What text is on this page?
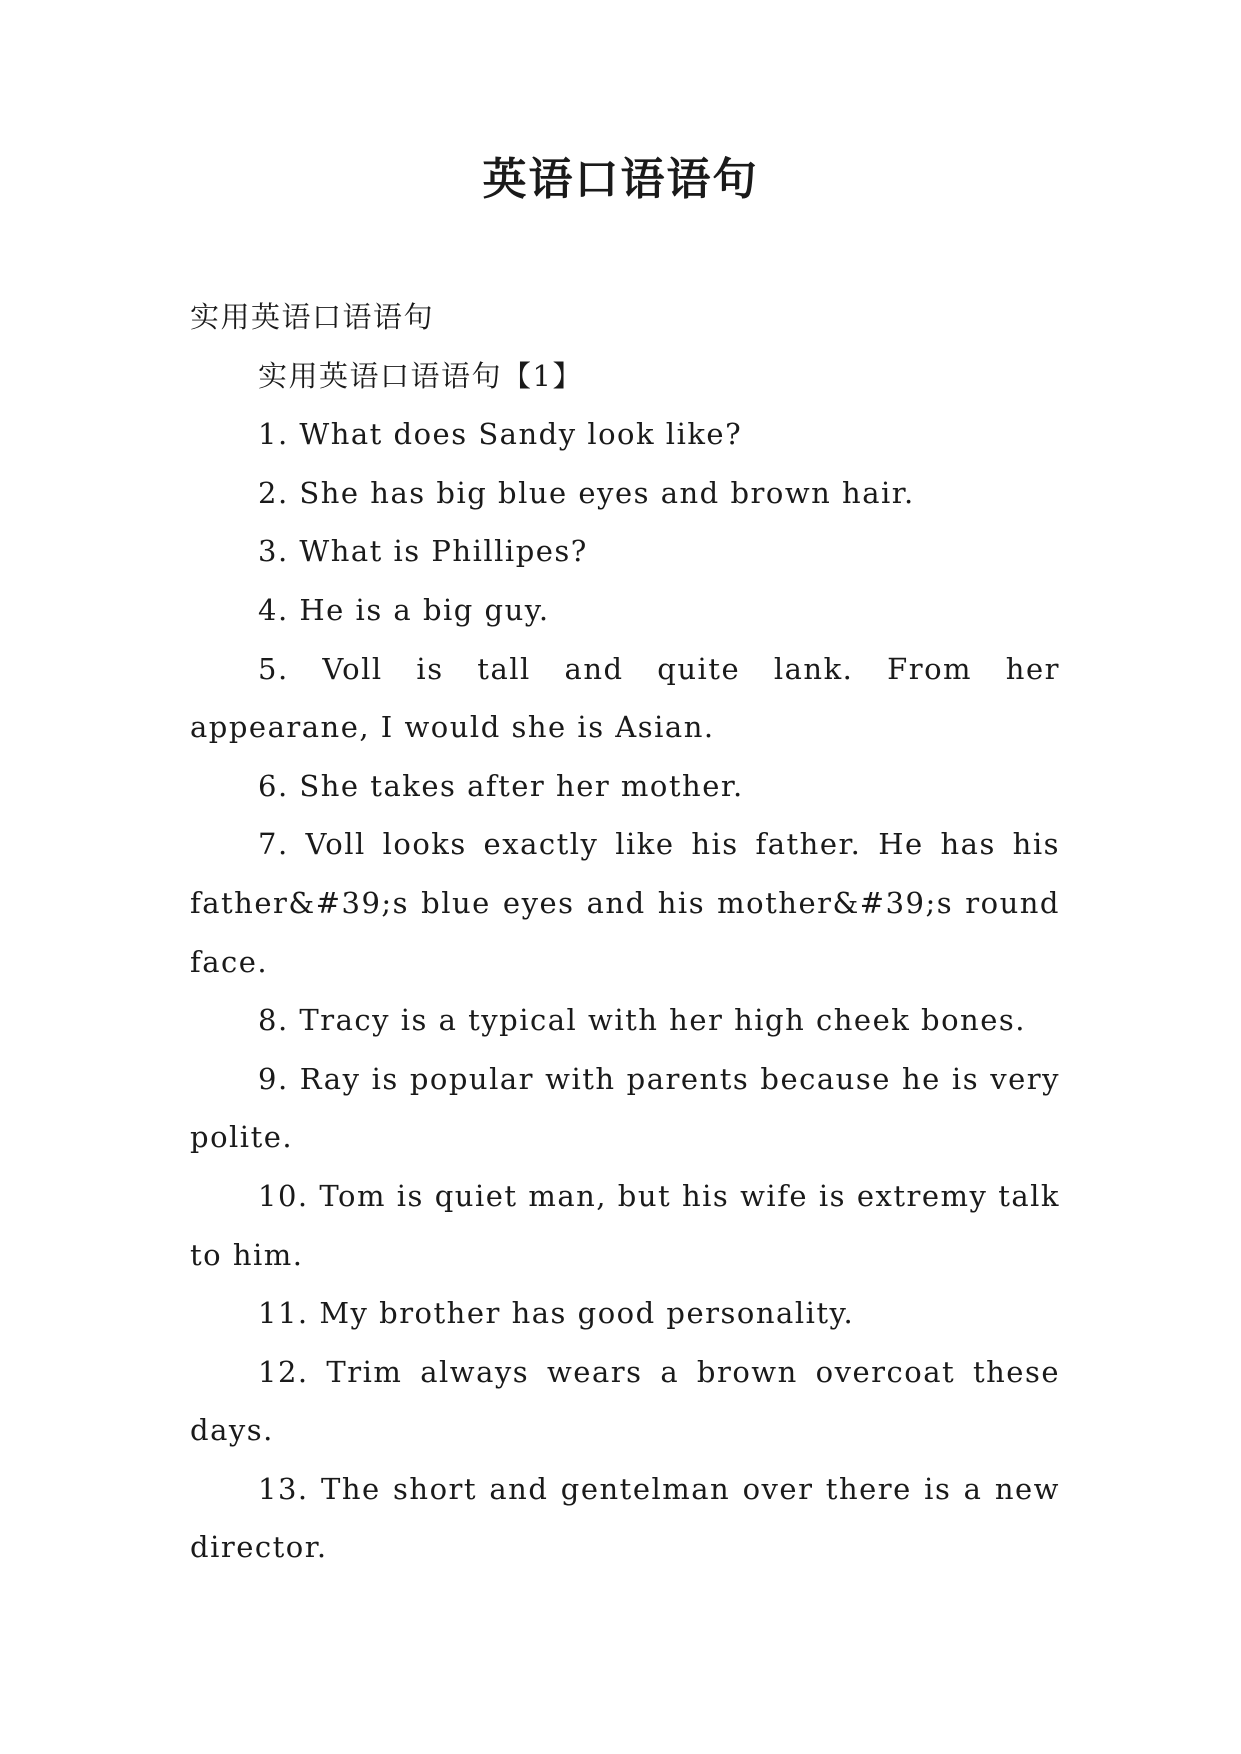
英语口语语句

实用英语口语语句

实用英语口语语句【1】

1. What does Sandy look like?

2. She has big blue eyes and brown hair.

3. What is Phillipes?

4. He is a big guy.

5. Voll is tall and quite lank. From her appearane, I would she is Asian.

6. She takes after her mother.

7. Voll looks exactly like his father. He has his father&#39;s blue eyes and his mother&#39;s round face.

8. Tracy is a typical with her high cheek bones.

9. Ray is popular with parents because he is very polite.

10. Tom is quiet man, but his wife is extremy talk to him.

11. My brother has good personality.

12. Trim always wears a brown overcoat these days.

13. The short and gentelman over there is a new director.
